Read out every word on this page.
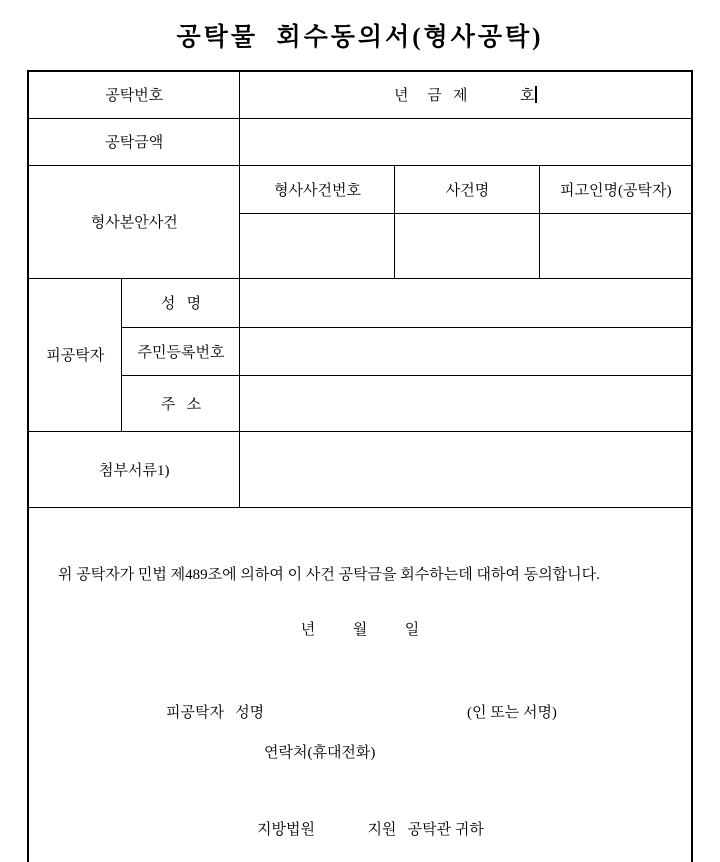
공탁물  회수동의서(형사공탁)
공탁번호		년     금   제              호		
공탁금액				
형사본안사건		형사사건번호	사건명	피고인명(공탁자)

피공탁자	성   명			
	주민등록번호			
	주   소			
첨부서류1)				

위 공탁자가 민법 제489조에 의하여 이 사건 공탁금을 회수하는데 대하여 동의합니다.

년          월          일

피공탁자   성명

	(인 또는 서명)

연락처(휴대전화)

지방법원              지원   공탁관 귀하
